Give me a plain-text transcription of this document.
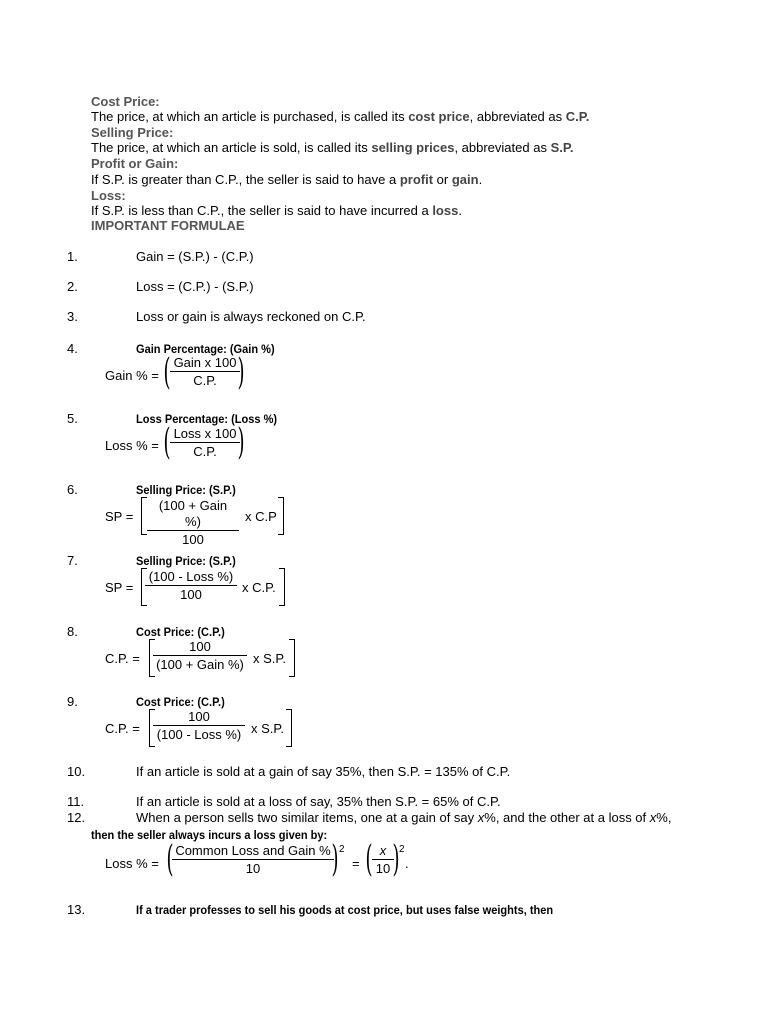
Cost Price:
The price, at which an article is purchased, is called its cost price, abbreviated as C.P.
Selling Price:
The price, at which an article is sold, is called its selling prices, abbreviated as S.P.
Profit or Gain:
If S.P. is greater than C.P., the seller is said to have a profit or gain.
Loss:
If S.P. is less than C.P., the seller is said to have incurred a loss.
IMPORTANT FORMULAE
1.	Gain = (S.P.) - (C.P.)
2.	Loss = (C.P.) - (S.P.)
3.	Loss or gain is always reckoned on C.P.
4.	Gain Percentage: (Gain %)
Gain % = ( Gain x 100
C.P. )
5.	Loss Percentage: (Loss %)
Loss % = ( Loss x 100
C.P. )
6.	Selling Price: (S.P.)
SP =
(100 + Gain %)
100
x C.P
7.	Selling Price: (S.P.)
SP =
(100 - Loss %)
100	x C.P.
8.	Cost Price: (C.P.)
C.P. =
100
(100 + Gain %) x S.P.
9.	Cost Price: (C.P.)
C.P. =
100
(100 - Loss %) x S.P.
10.	If an article is sold at a gain of say 35%, then S.P. = 135% of C.P.
11.	If an article is sold at a loss of say, 35% then S.P. = 65% of C.P.
12.	When a person sells two similar items, one at a gain of say x%, and the other at a loss of x%,
then the seller always incurs a loss given by:
Loss % = ( Common Loss and Gain %
10	) 2
= ( $\frac{x}{10}$
) 2
.
13.	If a trader professes to sell his goods at cost price, but uses false weights, then
